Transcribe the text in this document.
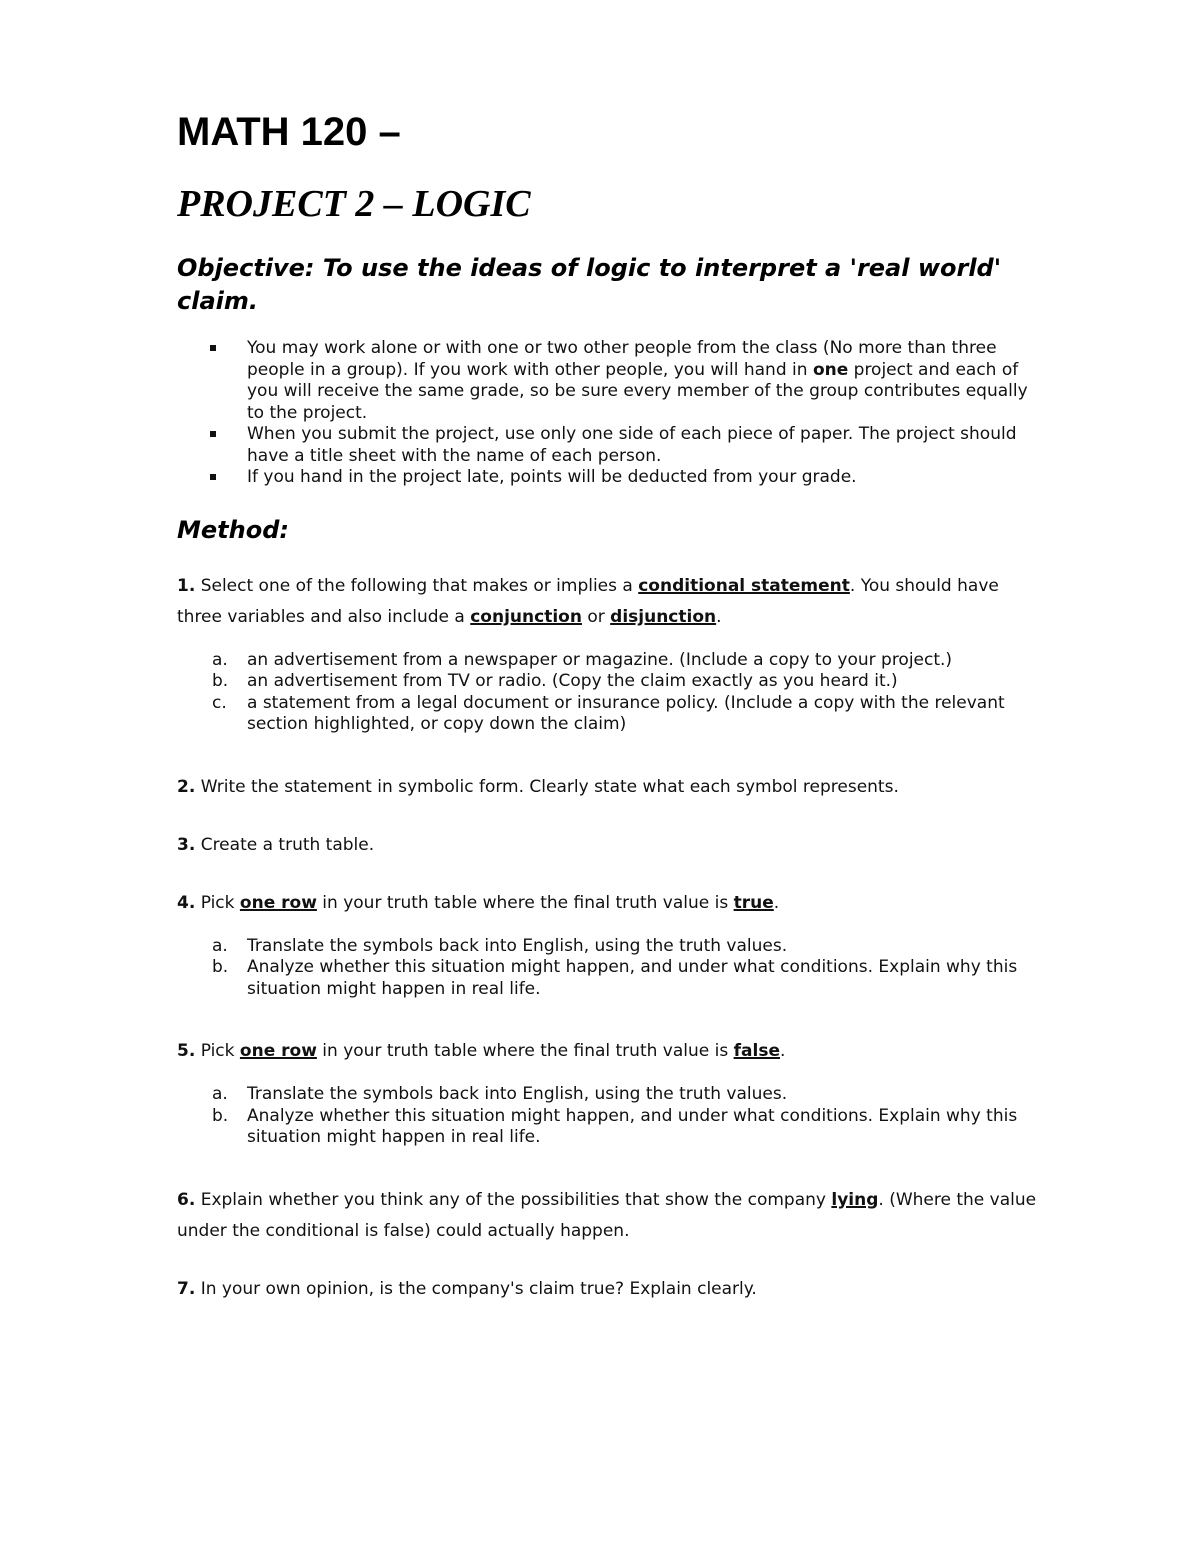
MATH 120 –
PROJECT 2 – LOGIC
Objective: To use the ideas of logic to interpret a 'real world' claim.
You may work alone or with one or two other people from the class (No more than three people in a group). If you work with other people, you will hand in one project and each of you will receive the same grade, so be sure every member of the group contributes equally to the project.
When you submit the project, use only one side of each piece of paper. The project should have a title sheet with the name of each person.
If you hand in the project late, points will be deducted from your grade.
Method:

1. Select one of the following that makes or implies a conditional statement. You should have three variables and also include a conjunction or disjunction.

a. an advertisement from a newspaper or magazine. (Include a copy to your project.)
b. an advertisement from TV or radio. (Copy the claim exactly as you heard it.)
c. a statement from a legal document or insurance policy. (Include a copy with the relevant section highlighted, or copy down the claim)

2. Write the statement in symbolic form. Clearly state what each symbol represents.

3. Create a truth table.

4. Pick one row in your truth table where the final truth value is true.

a. Translate the symbols back into English, using the truth values.
b. Analyze whether this situation might happen, and under what conditions. Explain why this situation might happen in real life.

5. Pick one row in your truth table where the final truth value is false.

a. Translate the symbols back into English, using the truth values.
b. Analyze whether this situation might happen, and under what conditions. Explain why this situation might happen in real life.

6. Explain whether you think any of the possibilities that show the company lying. (Where the value under the conditional is false) could actually happen.

7. In your own opinion, is the company's claim true? Explain clearly.
